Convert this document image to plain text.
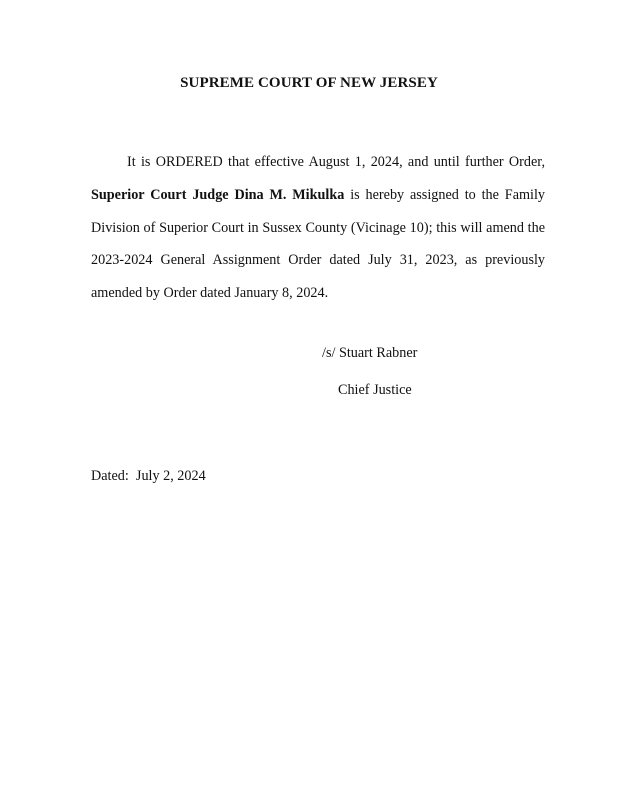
SUPREME COURT OF NEW JERSEY

It is ORDERED that effective August 1, 2024, and until further Order, Superior Court Judge Dina M. Mikulka is hereby assigned to the Family Division of Superior Court in Sussex County (Vicinage 10); this will amend the 2023-2024 General Assignment Order dated July 31, 2023, as previously amended by Order dated January 8, 2024.

/s/ Stuart Rabner
Chief Justice
Dated: July 2, 2024
